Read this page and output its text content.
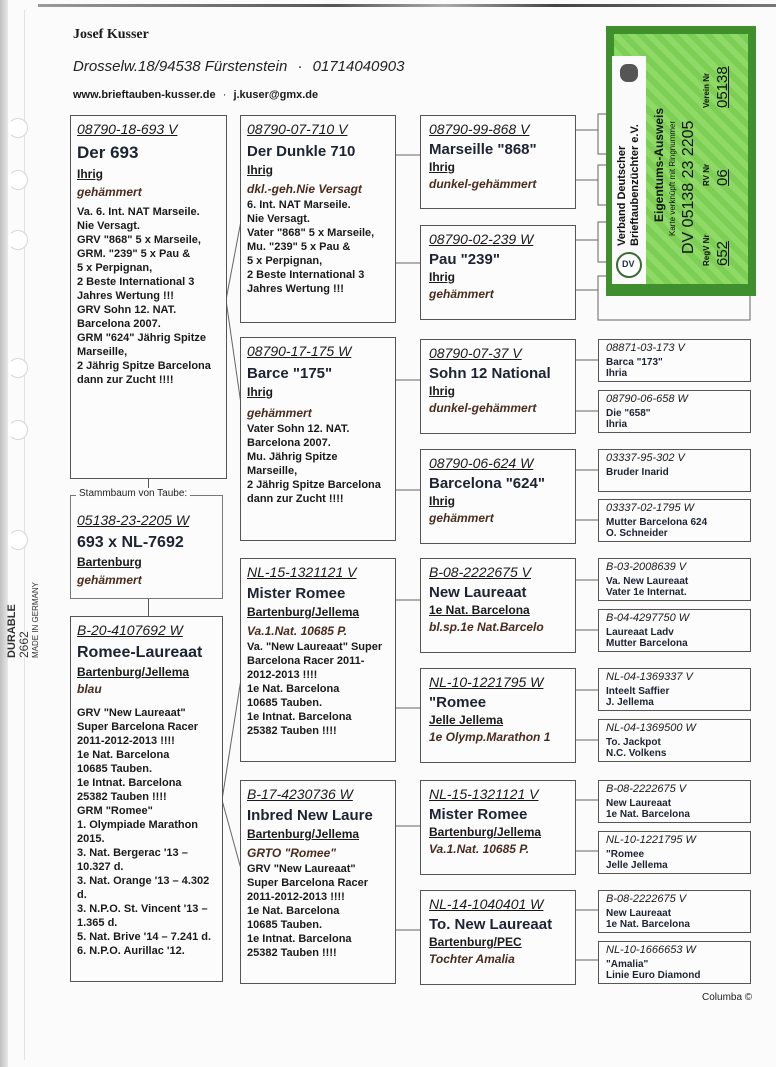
DURABLE 2662 MADE IN GERMANY
Josef Kusser
Drosselw.18/94538 Fürstenstein · 01714040903
www.brieftauben-kusser.de · j.kuser@gmx.de
08790-18-693 V
Der 693
Ihrig
gehämmert
Va. 6. Int. NAT Marseile.
Nie Versagt.
GRV "868" 5 x Marseile,
GRM. "239" 5 x Pau &
5 x Perpignan,
2 Beste International 3
Jahres Wertung !!!
GRV Sohn 12. NAT.
Barcelona 2007.
GRM "624" Jährig Spitze
Marseille,
2 Jährig Spitze Barcelona
dann zur Zucht !!!!
05138-23-2205 W
693 x NL-7692
Bartenburg
gehämmert
Stammbaum von Taube:
B-20-4107692 W
Romee-Laureaat
Bartenburg/Jellema
blau
GRV "New Laureaat"
Super Barcelona Racer
2011-2012-2013 !!!!
1e Nat. Barcelona
10685 Tauben.
1e Intnat. Barcelona
25382 Tauben !!!!
GRM "Romee"
1. Olympiade Marathon
2015.
3. Nat. Bergerac '13 –
10.327 d.
3. Nat. Orange '13 – 4.302
d.
3. N.P.O. St. Vincent '13 –
1.365 d.
5. Nat. Brive '14 – 7.241 d.
6. N.P.O. Aurillac '12.
08790-07-710 V
Der Dunkle 710
Ihrig
dkl.-geh.Nie Versagt
6. Int. NAT Marseile.
Nie Versagt.
Vater "868" 5 x Marseile,
Mu. "239" 5 x Pau &
5 x Perpignan,
2 Beste International 3
Jahres Wertung !!!
08790-17-175 W
Barce "175"
Ihrig
gehämmert
Vater Sohn 12. NAT.
Barcelona 2007.
Mu. Jährig Spitze
Marseille,
2 Jährig Spitze Barcelona
dann zur Zucht !!!!
NL-15-1321121 V
Mister Romee
Bartenburg/Jellema
Va.1.Nat. 10685 P.
Va. "New Laureaat" Super
Barcelona Racer 2011-
2012-2013 !!!!
1e Nat. Barcelona
10685 Tauben.
1e Intnat. Barcelona
25382 Tauben !!!!
B-17-4230736 W
Inbred New Laure
Bartenburg/Jellema
GRTO "Romee"
GRV "New Laureaat"
Super Barcelona Racer
2011-2012-2013 !!!!
1e Nat. Barcelona
10685 Tauben.
1e Intnat. Barcelona
25382 Tauben !!!!
08790-99-868 V
Marseille "868"
Ihrig
dunkel-gehämmert
08790-02-239 W
Pau "239"
Ihrig
gehämmert
08790-07-37 V
Sohn 12 National
Ihrig
dunkel-gehämmert
08790-06-624 W
Barcelona "624"
Ihrig
gehämmert
B-08-2222675 V
New Laureaat
1e Nat. Barcelona
bl.sp.1e Nat.Barcelo
NL-10-1221795 W
"Romee
Jelle Jellema
1e Olymp.Marathon 1
NL-15-1321121 V
Mister Romee
Bartenburg/Jellema
Va.1.Nat. 10685 P.
NL-14-1040401 W
To. New Laureaat
Bartenburg/PEC
Tochter Amalia
08871-03-173 V
Barca "173"
Ihria
08790-06-658 W
Die "658"
Ihria
03337-95-302 V
Bruder Inarid
03337-02-1795 W
Mutter Barcelona 624
O. Schneider
B-03-2008639 V
Va. New Laureaat
Vater 1e Internat.
B-04-4297750 W
Laureaat Ladv
Mutter Barcelona
NL-04-1369337 V
Inteelt Saffier
J. Jellema
NL-04-1369500 W
To. Jackpot
N.C. Volkens
B-08-2222675 V
New Laureaat
1e Nat. Barcelona
NL-10-1221795 W
"Romee
Jelle Jellema
B-08-2222675 V
New Laureaat
1e Nat. Barcelona
NL-10-1666653 W
"Amalia"
Linie Euro Diamond
DV
Verband Deutscher Brieftaubenzüchter e.V. Eigentums-Ausweis Karte verknüpft mit Ringnummer DV 05138 23 2205 RegV Nr 652
RV Nr 06
Verein Nr 05138
Columba ©
